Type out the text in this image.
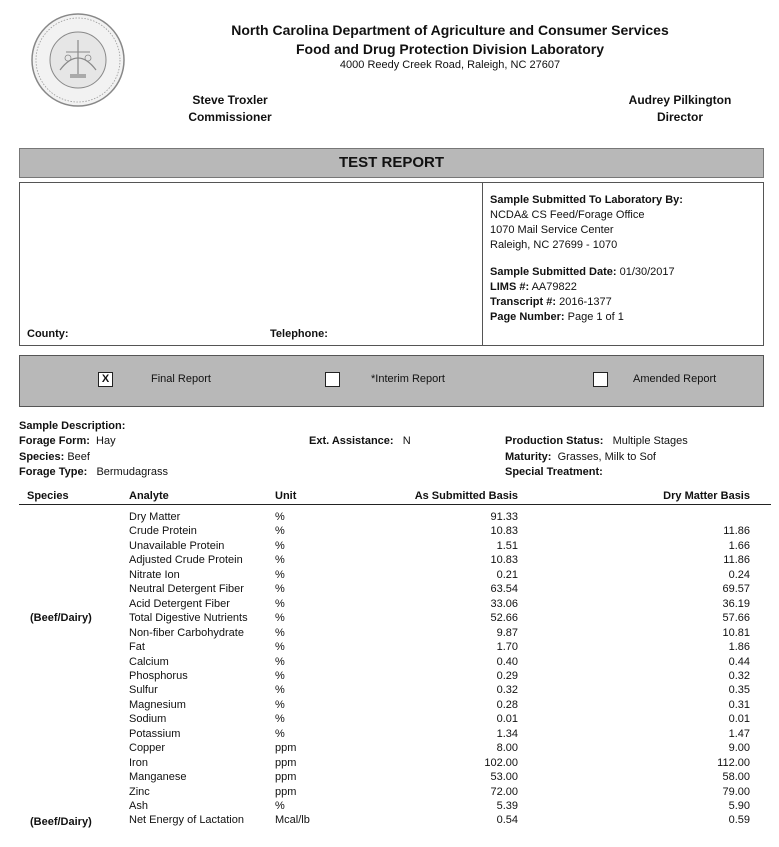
North Carolina Department of Agriculture and Consumer Services
Food and Drug Protection Division Laboratory
4000 Reedy Creek Road, Raleigh, NC 27607
Steve Troxler
Commissioner
Audrey Pilkington
Director
TEST REPORT
Sample Submitted To Laboratory By:
NCDA& CS Feed/Forage Office
1070 Mail Service Center
Raleigh, NC 27699 - 1070
Sample Submitted Date: 01/30/2017
LIMS #: AA79822
Transcript #: 2016-1377
Page Number: Page 1 of 1
County:	Telephone:
X	Final Report	*Interim Report	Amended Report
Sample Description:
Forage Form: Hay
Species: Beef
Forage Type: Bermudagrass
Ext. Assistance: N	Production Status: Multiple Stages
Maturity: Grasses, Milk to Sof
Special Treatment:
Species	Analyte	Unit	As Submitted Basis	Dry Matter Basis
(Beef/Dairy)
(Beef/Dairy)
Dry Matter	%	91.33
Crude Protein	%	10.83	11.86
Unavailable Protein	%	1.51	1.66
Adjusted Crude Protein	%	10.83	11.86
Nitrate Ion	%	0.21	0.24
Neutral Detergent Fiber	%	63.54	69.57
Acid Detergent Fiber	%	33.06	36.19
Total Digestive Nutrients %	52.66	57.66
Non-fiber Carbohydrate	%	9.87	10.81
Fat	%	1.70	1.86
Calcium	%	0.40	0.44
Phosphorus	%	0.29	0.32
Sulfur	%	0.32	0.35
Magnesium	%	0.28	0.31
Sodium	%	0.01	0.01
Potassium	%	1.34	1.47
Copper	ppm	8.00	9.00
Iron	ppm	102.00	112.00
Manganese	ppm	53.00	58.00
Zinc	ppm	72.00	79.00
Ash	%	5.39	5.90
Net Energy of Lactation	Mcal/lb	0.54	0.59
